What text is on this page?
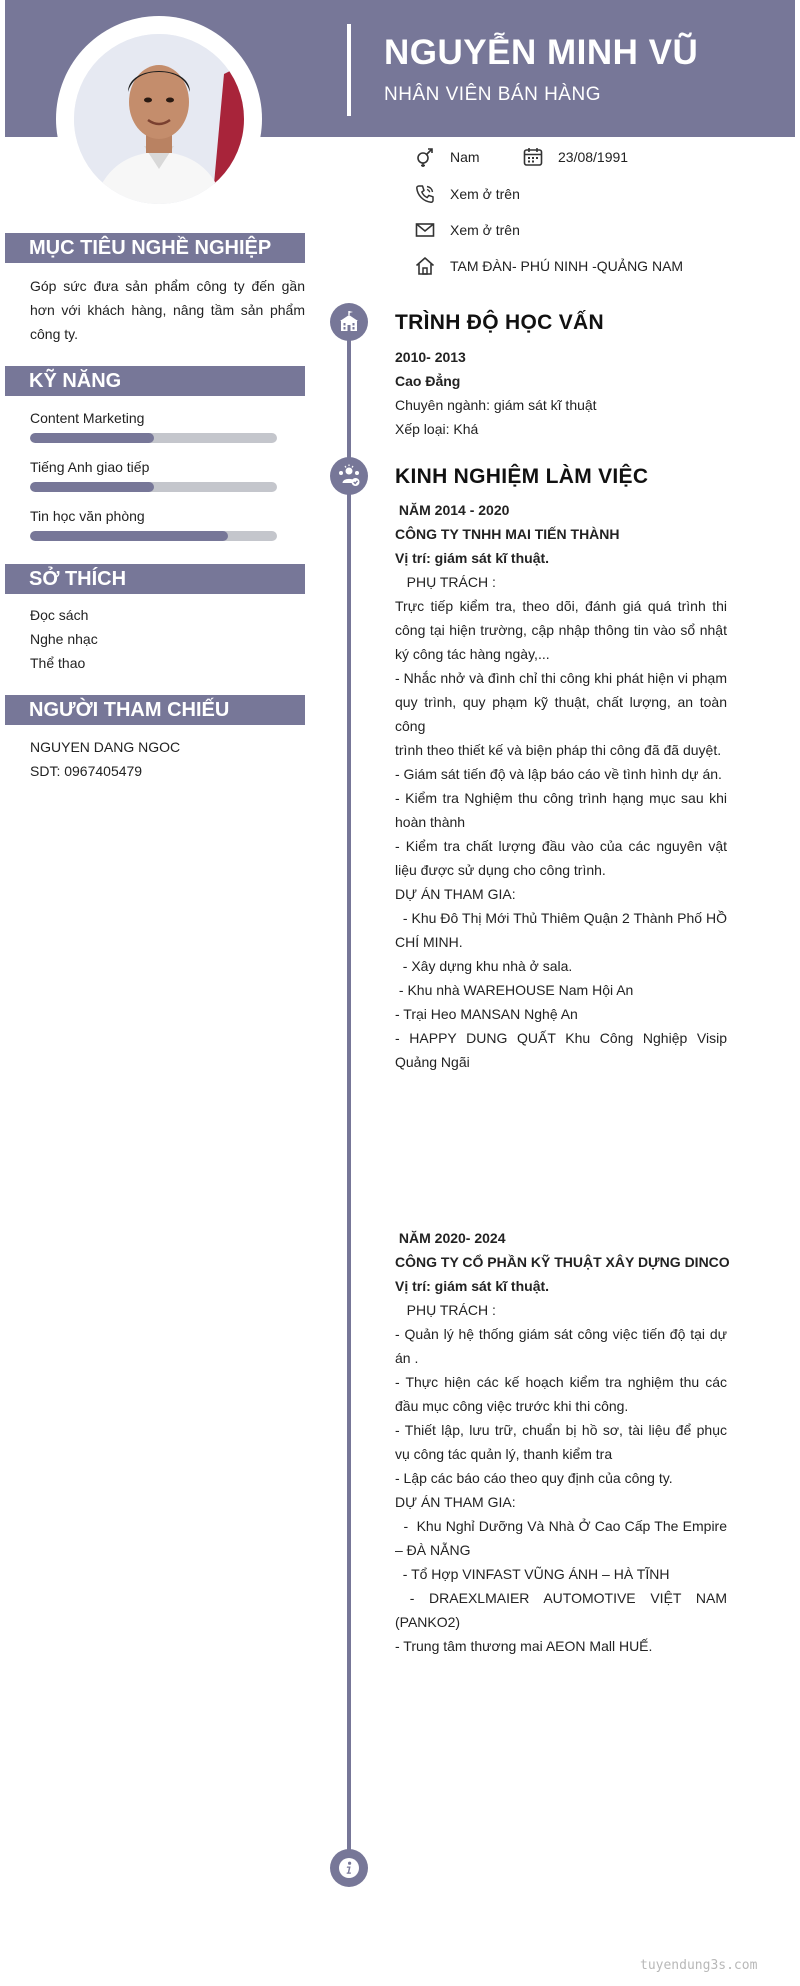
NGUYỄN MINH VŨ
NHÂN VIÊN BÁN HÀNG
Nam	23/08/1991
Xem ở trên
Xem ở trên
TAM ĐÀN- PHÚ NINH -QUẢNG NAM
MỤC TIÊU NGHỀ NGHIỆP
Góp sức đưa sản phẩm công ty đến gần hơn với khách hàng, nâng tầm sản phẩm công ty.
KỸ NĂNG
Content Marketing
Tiếng Anh giao tiếp
Tin học văn phòng
SỞ THÍCH
Đọc sách
Nghe nhạc
Thể thao
NGƯỜI THAM CHIẾU
NGUYEN DANG NGOC
SDT: 0967405479
TRÌNH ĐỘ HỌC VẤN
2010- 2013
Cao Đẳng
Chuyên ngành: giám sát kĩ thuật
Xếp loại: Khá
KINH NGHIỆM LÀM VIỆC
NĂM 2014 - 2020
CÔNG TY TNHH MAI TIẾN THÀNH
Vị trí: giám sát kĩ thuật.

PHỤ TRÁCH :

Trực tiếp kiểm tra, theo dõi, đánh giá quá trình thi công tại hiện trường, cập nhập thông tin vào sổ nhật ký công tác hàng ngày,...

- Nhắc nhở và đình chỉ thi công khi phát hiện vi phạm quy trình, quy phạm kỹ thuật, chất lượng, an toàn công

trình theo thiết kế và biện pháp thi công đã đã duyệt.

- Giám sát tiến độ và lập báo cáo về tình hình dự án.

- Kiểm tra Nghiệm thu công trình hạng mục sau khi hoàn thành

- Kiểm tra chất lượng đầu vào của các nguyên vật liệu được sử dụng cho công trình.

DỰ ÁN THAM GIA:

- Khu Đô Thị Mới Thủ Thiêm Quận 2 Thành Phố HỒ CHÍ MINH.

- Xây dựng khu nhà ở sala.

- Khu nhà WAREHOUSE Nam Hội An

- Trại Heo MANSAN Nghệ An

- HAPPY DUNG QUẤT Khu Công Nghiệp Visip Quảng Ngãi

NĂM 2020- 2024
CÔNG TY CỔ PHẦN KỸ THUẬT XÂY DỰNG DINCO
Vị trí: giám sát kĩ thuật.

PHỤ TRÁCH :

- Quản lý hệ thống giám sát công việc tiến độ tại dự án .

- Thực hiện các kế hoạch kiểm tra nghiệm thu các đầu mục công việc trước khi thi công.

- Thiết lập, lưu trữ, chuẩn bị hồ sơ, tài liệu để phục vụ công tác quản lý, thanh kiểm tra

- Lập các báo cáo theo quy định của công ty.

DỰ ÁN THAM GIA:

-  Khu Nghỉ Dưỡng Và Nhà Ở Cao Cấp The Empire – ĐÀ NẴNG

- Tổ Hợp VINFAST VŨNG ÁNH – HÀ TĨNH

- DRAEXLMAIER AUTOMOTIVE VIỆT NAM (PANKO2)

- Trung tâm thương mai AEON Mall HUẾ.

tuyendung3s.com
